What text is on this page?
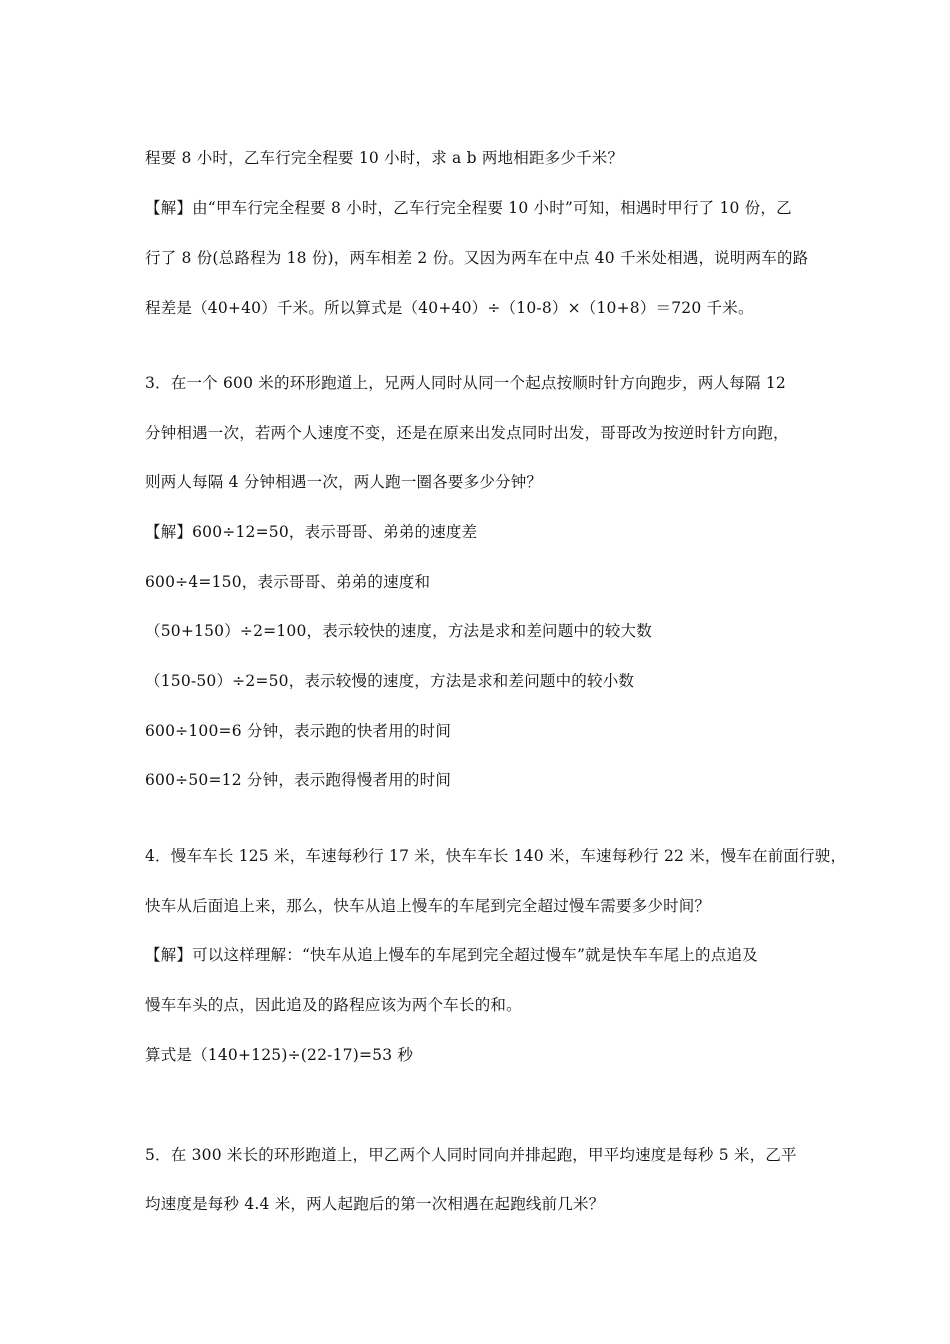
程要 8 小时，乙车行完全程要 10 小时，求 a b 两地相距多少千米？
【解】由“甲车行完全程要 8 小时，乙车行完全程要 10 小时”可知，相遇时甲行了 10 份，乙
行了 8 份(总路程为 18 份)，两车相差 2 份。又因为两车在中点 40 千米处相遇，说明两车的路
程差是（40+40）千米。所以算式是（40+40）÷（10-8）×（10+8）＝720 千米。
3．在一个 600 米的环形跑道上，兄两人同时从同一个起点按顺时针方向跑步，两人每隔 12
分钟相遇一次，若两个人速度不变，还是在原来出发点同时出发，哥哥改为按逆时针方向跑，
则两人每隔 4 分钟相遇一次，两人跑一圈各要多少分钟？
【解】600÷12=50，表示哥哥、弟弟的速度差
600÷4=150，表示哥哥、弟弟的速度和
（50+150）÷2=100，表示较快的速度，方法是求和差问题中的较大数
（150-50）÷2=50，表示较慢的速度，方法是求和差问题中的较小数
600÷100=6 分钟，表示跑的快者用的时间
600÷50=12 分钟，表示跑得慢者用的时间
4．慢车车长 125 米，车速每秒行 17 米，快车车长 140 米，车速每秒行 22 米，慢车在前面行驶，
快车从后面追上来，那么，快车从追上慢车的车尾到完全超过慢车需要多少时间？
【解】可以这样理解：“快车从追上慢车的车尾到完全超过慢车”就是快车车尾上的点追及
慢车车头的点，因此追及的路程应该为两个车长的和。
算式是（140+125)÷(22-17)=53 秒
5．在 300 米长的环形跑道上，甲乙两个人同时同向并排起跑，甲平均速度是每秒 5 米，乙平
均速度是每秒 4.4 米，两人起跑后的第一次相遇在起跑线前几米？
